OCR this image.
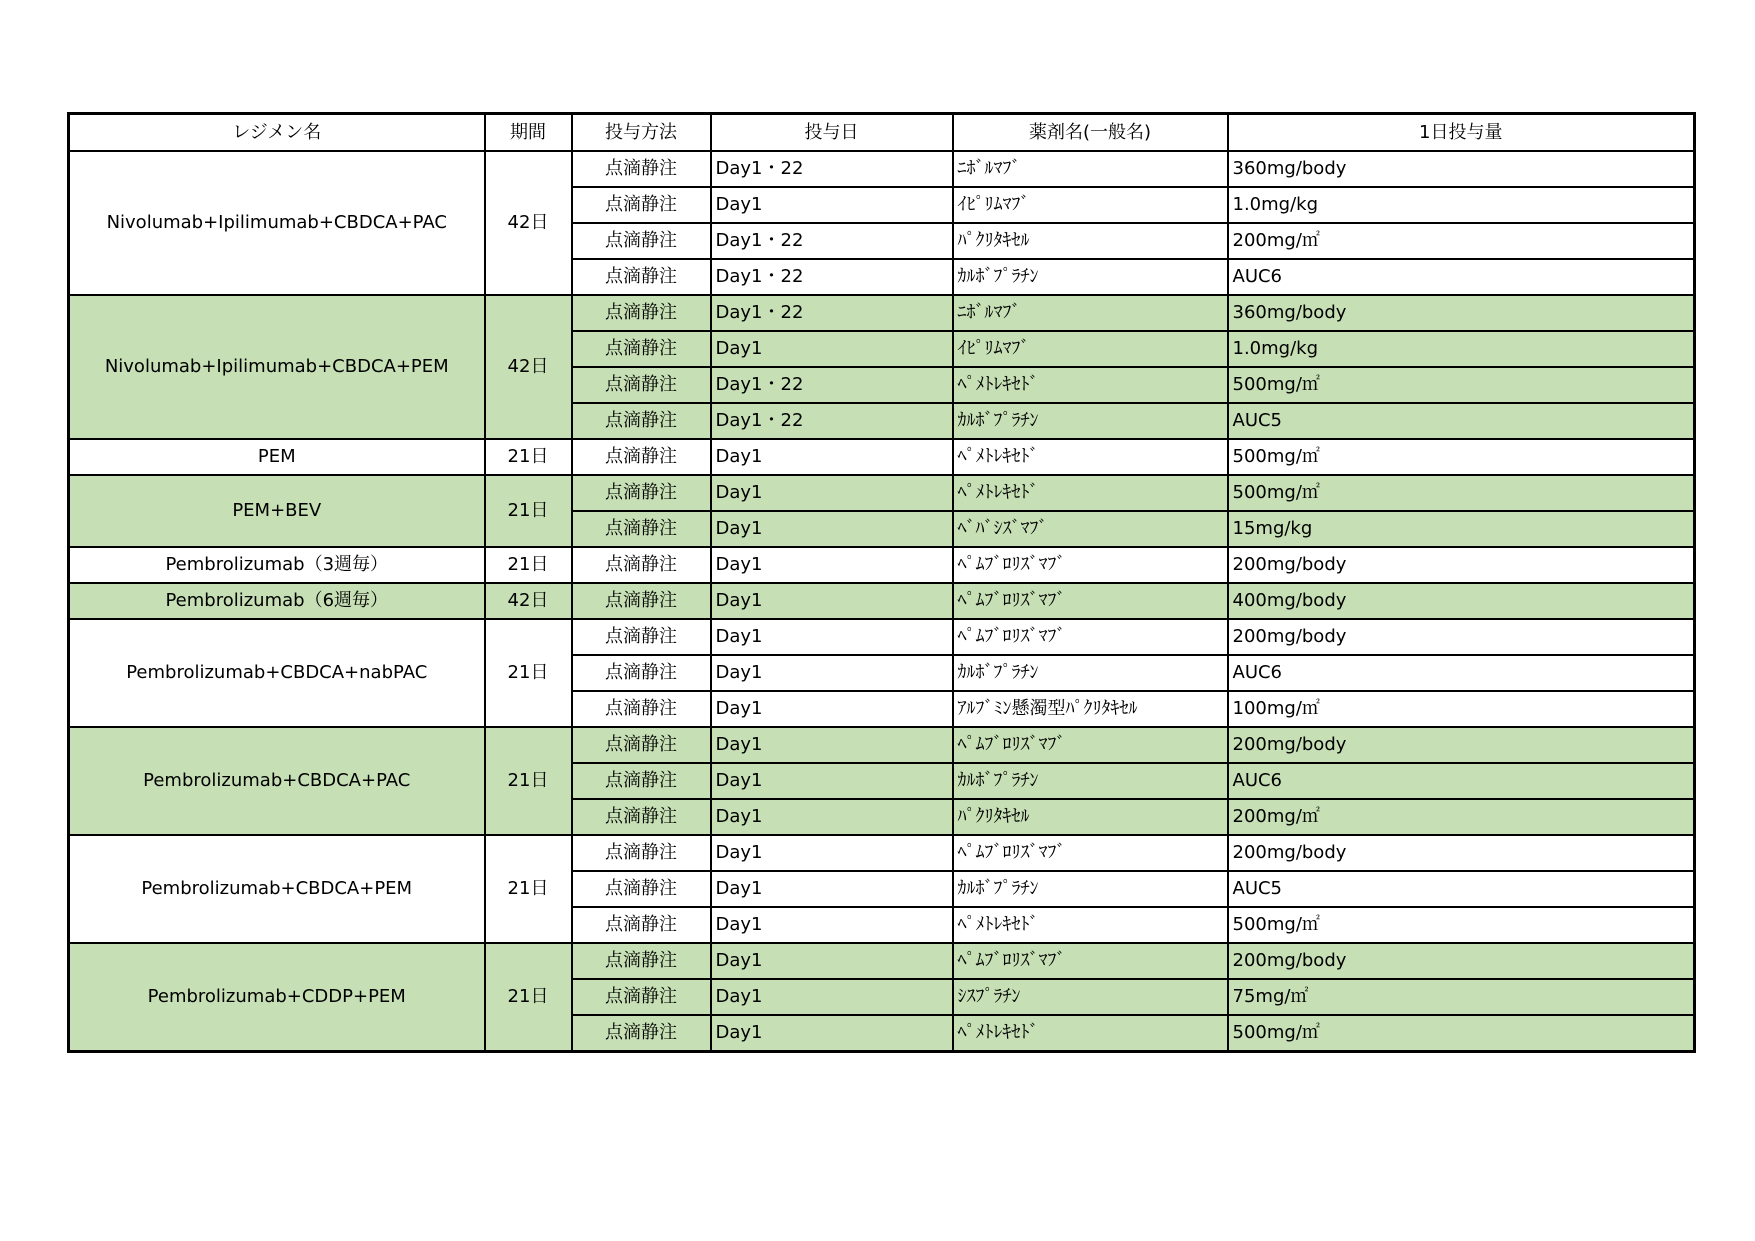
レジメン名	期間	投与方法	投与日	薬剤名(一般名)	1日投与量
Nivolumab+Ipilimumab+CBDCA+PAC	42日	点滴静注	Day1・22	ﾆﾎﾞﾙﾏﾌﾞ	360mg/body
		点滴静注	Day1	ｲﾋﾟﾘﾑﾏﾌﾞ	1.0mg/kg
		点滴静注	Day1・22	ﾊﾟｸﾘﾀｷｾﾙ	200mg/㎡
		点滴静注	Day1・22	ｶﾙﾎﾞﾌﾟﾗﾁﾝ	AUC6
Nivolumab+Ipilimumab+CBDCA+PEM	42日	点滴静注	Day1・22	ﾆﾎﾞﾙﾏﾌﾞ	360mg/body
		点滴静注	Day1	ｲﾋﾟﾘﾑﾏﾌﾞ	1.0mg/kg
		点滴静注	Day1・22	ﾍﾟﾒﾄﾚｷｾﾄﾞ	500mg/㎡
		点滴静注	Day1・22	ｶﾙﾎﾞﾌﾟﾗﾁﾝ	AUC5
PEM	21日	点滴静注	Day1	ﾍﾟﾒﾄﾚｷｾﾄﾞ	500mg/㎡
PEM+BEV	21日	点滴静注	Day1	ﾍﾟﾒﾄﾚｷｾﾄﾞ	500mg/㎡
		点滴静注	Day1	ﾍﾞﾊﾞｼｽﾞﾏﾌﾞ	15mg/kg
Pembrolizumab（3週毎）	21日	点滴静注	Day1	ﾍﾟﾑﾌﾞﾛﾘｽﾞﾏﾌﾞ	200mg/body
Pembrolizumab（6週毎）	42日	点滴静注	Day1	ﾍﾟﾑﾌﾞﾛﾘｽﾞﾏﾌﾞ	400mg/body
Pembrolizumab+CBDCA+nabPAC	21日	点滴静注	Day1	ﾍﾟﾑﾌﾞﾛﾘｽﾞﾏﾌﾞ	200mg/body
		点滴静注	Day1	ｶﾙﾎﾞﾌﾟﾗﾁﾝ	AUC6
		点滴静注	Day1	ｱﾙﾌﾞﾐﾝ懸濁型ﾊﾟｸﾘﾀｷｾﾙ	100mg/㎡
Pembrolizumab+CBDCA+PAC	21日	点滴静注	Day1	ﾍﾟﾑﾌﾞﾛﾘｽﾞﾏﾌﾞ	200mg/body
		点滴静注	Day1	ｶﾙﾎﾞﾌﾟﾗﾁﾝ	AUC6
		点滴静注	Day1	ﾊﾟｸﾘﾀｷｾﾙ	200mg/㎡
Pembrolizumab+CBDCA+PEM	21日	点滴静注	Day1	ﾍﾟﾑﾌﾞﾛﾘｽﾞﾏﾌﾞ	200mg/body
		点滴静注	Day1	ｶﾙﾎﾞﾌﾟﾗﾁﾝ	AUC5
		点滴静注	Day1	ﾍﾟﾒﾄﾚｷｾﾄﾞ	500mg/㎡
Pembrolizumab+CDDP+PEM	21日	点滴静注	Day1	ﾍﾟﾑﾌﾞﾛﾘｽﾞﾏﾌﾞ	200mg/body
		点滴静注	Day1	ｼｽﾌﾟﾗﾁﾝ	75mg/㎡
		点滴静注	Day1	ﾍﾟﾒﾄﾚｷｾﾄﾞ	500mg/㎡
